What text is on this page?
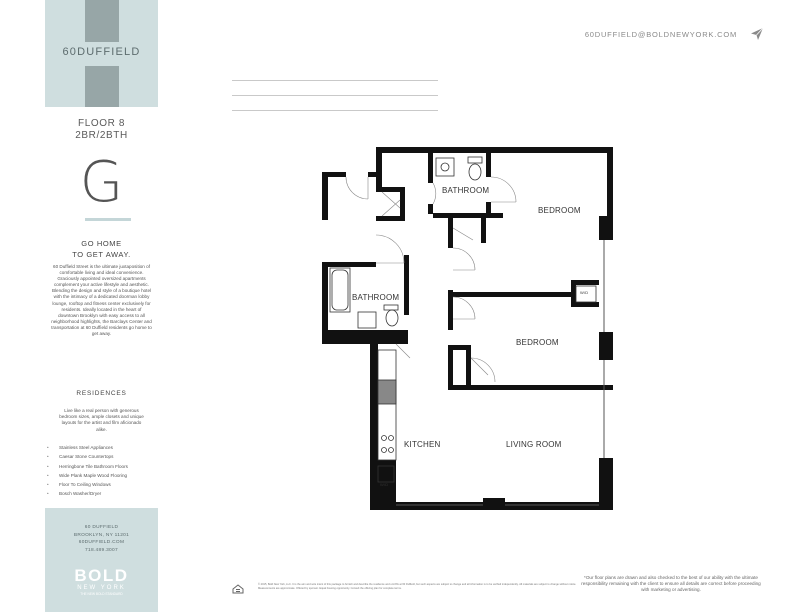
60DUFFIELD
FLOOR 8
2BR/2BTH
G
GO HOME
TO GET AWAY.
60 Duffield Street is the ultimate juxtaposition of comfortable living and ideal convenience. Graciously appointed oversized apartments complement your active lifestyle and aesthetic. Blending the design and style of a boutique hotel with the intimacy of a dedicated doorman lobby lounge, rooftop and fitness center exclusively for residents. Ideally located in the heart of downtown Brooklyn with easy access to all neighborhood highlights, the Barclays Center and transportation at 60 Duffield residents go home to get away.
RESIDENCES
Live like a real person with generous bedroom sizes, ample closets and unique layouts for the artist and film aficionado alike.
• Stainless Steel Appliances
• Caesar Stone Countertops
• Herringbone Tile Bathroom Floors
• Wide Plank Maple Wood Flooring
• Floor To Ceiling Windows
• Bosch Washer/Dryer
60 DUFFIELD
BROOKLYN, NY 11201
60DUFFIELD.COM
718.489.3007
BOLD
NEW YORK
THE NEW BOLD STANDARD
60DUFFIELD@BOLDNEWYORK.COM
BATHROOM
BEDROOM
BATHROOM
BEDROOM
KITCHEN	LIVING ROOM
W/D
W/D
© 2015, Bold New York, LLC. It is the aim and sole intent of this package to furnish and describe the residence and unit 8G at 60 Duffield, but such aspects are subject to change and all information is to be verified independently. All materials are subject to change without notice. Measurements are approximate. Offered by sponsor. Equal housing opportunity. Consult the offering plan for complete terms.
*Our floor plans are drawn and also checked to the best of our ability with the ultimate responsibility remaining with the client to ensure all details are correct before proceeding with marketing or advertising.
